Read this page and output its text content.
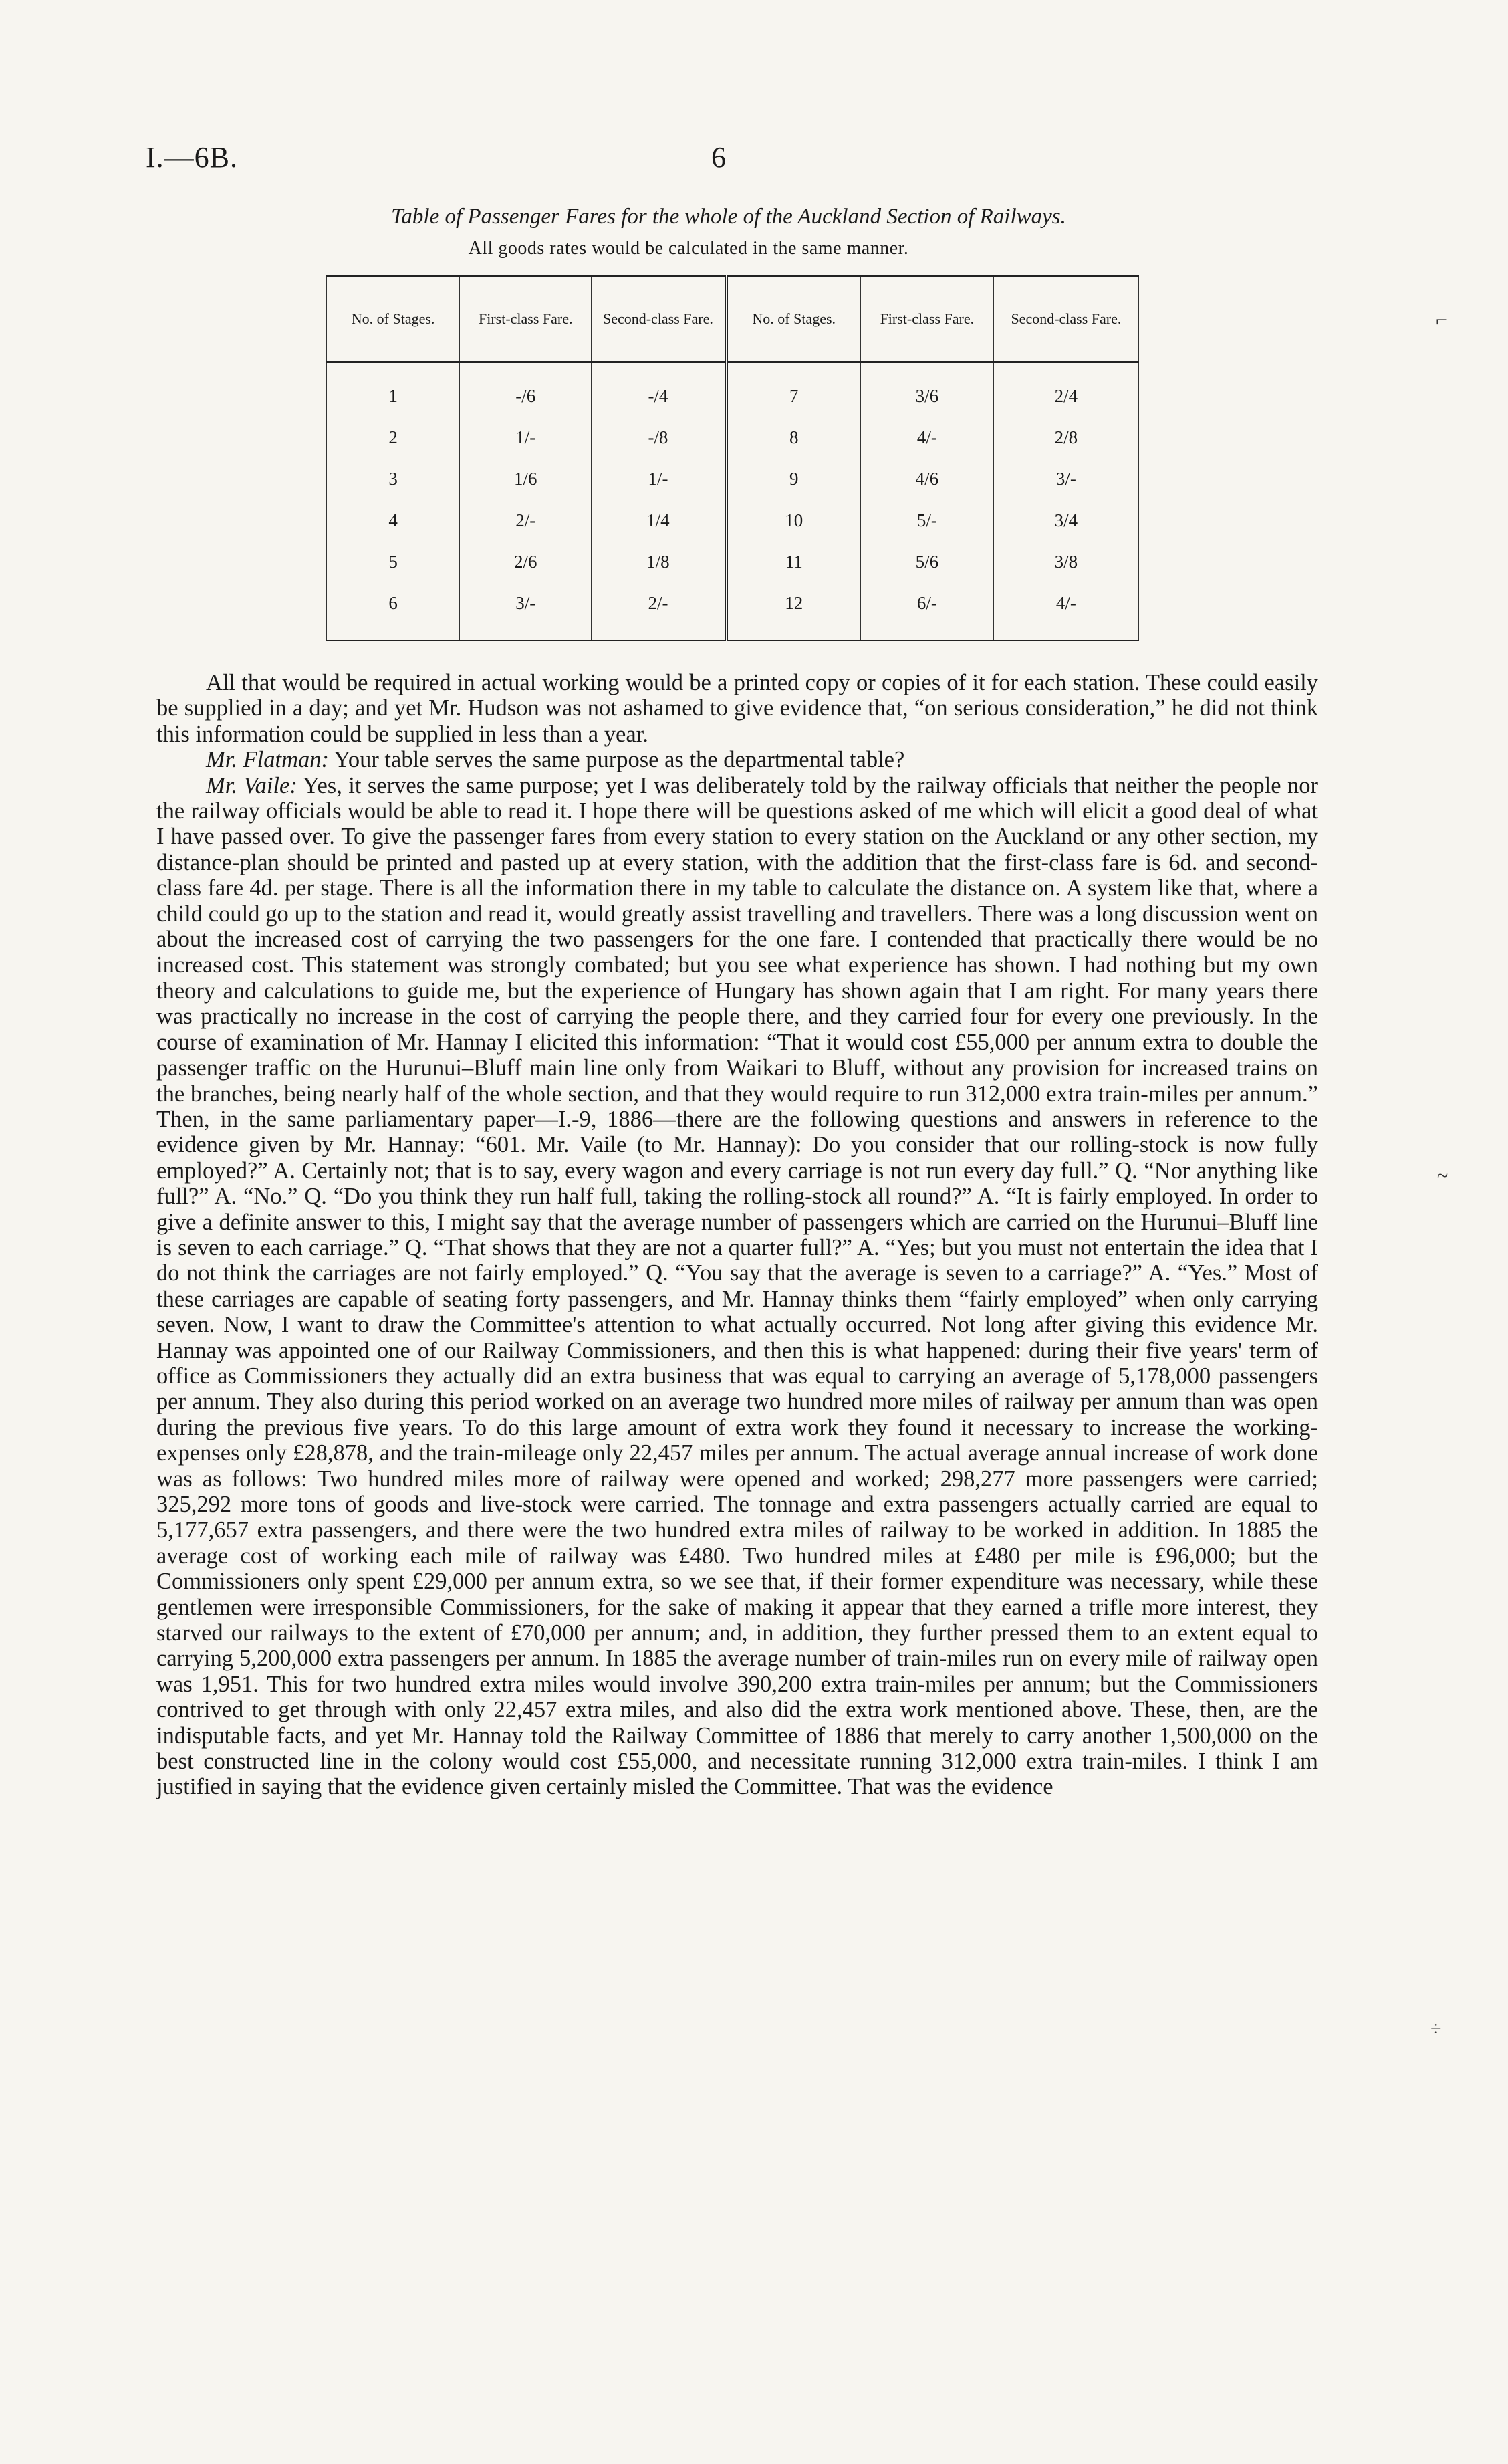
I.—6B.	6
Table of Passenger Fares for the whole of the Auckland Section of Railways.
All goods rates would be calculated in the same manner.
No. of Stages.	First-class Fare.	Second-class Fare.	No. of Stages.	First-class Fare.	Second-class Fare.
1	-/6	-/4	7	3/6	2/4
2	1/-	-/8	8	4/-	2/8
3	1/6	1/-	9	4/6	3/-
4	2/-	1/4	10	5/-	3/4
5	2/6	1/8	11	5/6	3/8
6	3/-	2/-	12	6/-	4/-

All that would be required in actual working would be a printed copy or copies of it for each station. These could easily be supplied in a day; and yet Mr. Hudson was not ashamed to give evidence that, “on serious consideration,” he did not think this information could be supplied in less than a year.

Mr. Flatman: Your table serves the same purpose as the departmental table?

Mr. Vaile: Yes, it serves the same purpose; yet I was deliberately told by the railway officials that neither the people nor the railway officials would be able to read it. I hope there will be questions asked of me which will elicit a good deal of what I have passed over. To give the passenger fares from every station to every station on the Auckland or any other section, my distance-plan should be printed and pasted up at every station, with the addition that the first-class fare is 6d. and second-class fare 4d. per stage. There is all the information there in my table to calculate the distance on. A system like that, where a child could go up to the station and read it, would greatly assist travelling and travellers. There was a long discussion went on about the increased cost of carrying the two passengers for the one fare. I contended that practically there would be no increased cost. This statement was strongly combated; but you see what experience has shown. I had nothing but my own theory and calculations to guide me, but the experience of Hungary has shown again that I am right. For many years there was practically no increase in the cost of carrying the people there, and they carried four for every one previously. In the course of examination of Mr. Hannay I elicited this information: “That it would cost £55,000 per annum extra to double the passenger traffic on the Hurunui–Bluff main line only from Waikari to Bluff, without any provision for increased trains on the branches, being nearly half of the whole section, and that they would require to run 312,000 extra train-miles per annum.” Then, in the same parliamentary paper—I.-9, 1886—there are the following questions and answers in reference to the evidence given by Mr. Hannay: “601. Mr. Vaile (to Mr. Hannay): Do you consider that our rolling-stock is now fully employed?” A. Certainly not; that is to say, every wagon and every carriage is not run every day full.” Q. “Nor anything like full?” A. “No.” Q. “Do you think they run half full, taking the rolling-stock all round?” A. “It is fairly employed. In order to give a definite answer to this, I might say that the average number of passengers which are carried on the Hurunui–Bluff line is seven to each carriage.” Q. “That shows that they are not a quarter full?” A. “Yes; but you must not entertain the idea that I do not think the carriages are not fairly employed.” Q. “You say that the average is seven to a carriage?” A. “Yes.” Most of these carriages are capable of seating forty passengers, and Mr. Hannay thinks them “fairly employed” when only carrying seven. Now, I want to draw the Committee's attention to what actually occurred. Not long after giving this evidence Mr. Hannay was appointed one of our Railway Commissioners, and then this is what happened: during their five years' term of office as Commissioners they actually did an extra business that was equal to carrying an average of 5,178,000 passengers per annum. They also during this period worked on an average two hundred more miles of railway per annum than was open during the previous five years. To do this large amount of extra work they found it necessary to increase the working-expenses only £28,878, and the train-mileage only 22,457 miles per annum. The actual average annual increase of work done was as follows: Two hundred miles more of railway were opened and worked; 298,277 more passengers were carried; 325,292 more tons of goods and live-stock were carried. The tonnage and extra passengers actually carried are equal to 5,177,657 extra passengers, and there were the two hundred extra miles of railway to be worked in addition. In 1885 the average cost of working each mile of railway was £480. Two hundred miles at £480 per mile is £96,000; but the Commissioners only spent £29,000 per annum extra, so we see that, if their former expenditure was necessary, while these gentlemen were irresponsible Commissioners, for the sake of making it appear that they earned a trifle more interest, they starved our railways to the extent of £70,000 per annum; and, in addition, they further pressed them to an extent equal to carrying 5,200,000 extra passengers per annum. In 1885 the average number of train-miles run on every mile of railway open was 1,951. This for two hundred extra miles would involve 390,200 extra train-miles per annum; but the Commissioners contrived to get through with only 22,457 extra miles, and also did the extra work mentioned above. These, then, are the indisputable facts, and yet Mr. Hannay told the Railway Committee of 1886 that merely to carry another 1,500,000 on the best constructed line in the colony would cost £55,000, and necessitate running 312,000 extra train-miles. I think I am justified in saying that the evidence given certainly misled the Committee. That was the evidence

⌐
~
÷
